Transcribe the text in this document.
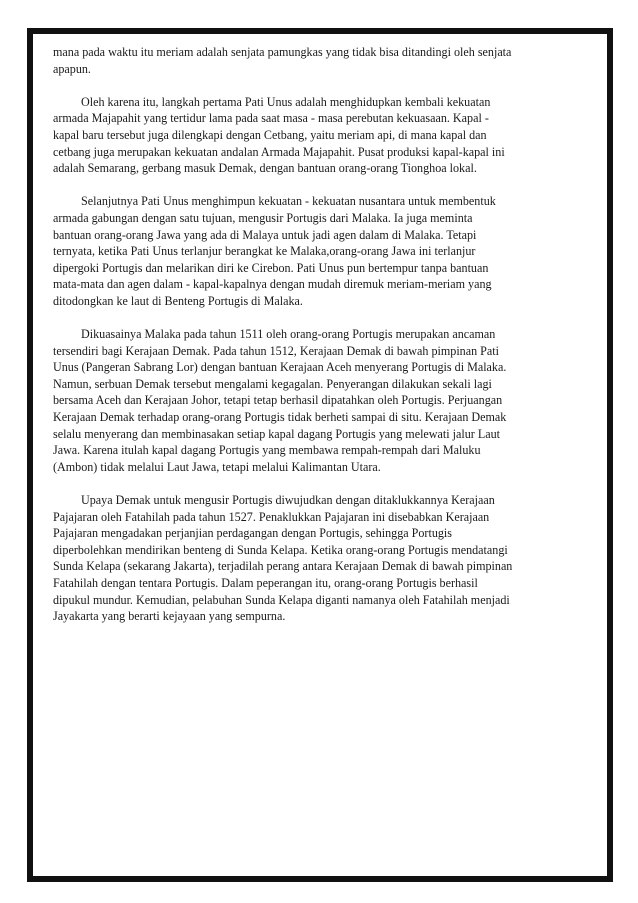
mana pada waktu itu meriam adalah senjata pamungkas yang tidak bisa ditandingi oleh senjata apapun.

Oleh karena itu, langkah pertama Pati Unus adalah menghidupkan kembali kekuatan armada Majapahit yang tertidur lama pada saat masa - masa perebutan kekuasaan. Kapal - kapal baru tersebut juga dilengkapi dengan Cetbang, yaitu meriam api, di mana kapal dan cetbang juga merupakan kekuatan andalan Armada Majapahit. Pusat produksi kapal-kapal ini adalah Semarang, gerbang masuk Demak, dengan bantuan orang-orang Tionghoa lokal.

Selanjutnya Pati Unus menghimpun kekuatan - kekuatan nusantara untuk membentuk armada gabungan dengan satu tujuan, mengusir Portugis dari Malaka. Ia juga meminta bantuan orang-orang Jawa yang ada di Malaya untuk jadi agen dalam di Malaka. Tetapi ternyata, ketika Pati Unus terlanjur berangkat ke Malaka,orang-orang Jawa ini terlanjur dipergoki Portugis dan melarikan diri ke Cirebon. Pati Unus pun bertempur tanpa bantuan mata-mata dan agen dalam - kapal-kapalnya dengan mudah diremuk meriam-meriam yang ditodongkan ke laut di Benteng Portugis di Malaka.

Dikuasainya Malaka pada tahun 1511 oleh orang-orang Portugis merupakan ancaman tersendiri bagi Kerajaan Demak. Pada tahun 1512, Kerajaan Demak di bawah pimpinan Pati Unus (Pangeran Sabrang Lor) dengan bantuan Kerajaan Aceh menyerang Portugis di Malaka. Namun, serbuan Demak tersebut mengalami kegagalan. Penyerangan dilakukan sekali lagi bersama Aceh dan Kerajaan Johor, tetapi tetap berhasil dipatahkan oleh Portugis. Perjuangan Kerajaan Demak terhadap orang-orang Portugis tidak berheti sampai di situ. Kerajaan Demak selalu menyerang dan membinasakan setiap kapal dagang Portugis yang melewati jalur Laut Jawa. Karena itulah kapal dagang Portugis yang membawa rempah-rempah dari Maluku (Ambon) tidak melalui Laut Jawa, tetapi melalui Kalimantan Utara.

Upaya Demak untuk mengusir Portugis diwujudkan dengan ditaklukkannya Kerajaan Pajajaran oleh Fatahilah pada tahun 1527. Penaklukkan Pajajaran ini disebabkan Kerajaan Pajajaran mengadakan perjanjian perdagangan dengan Portugis, sehingga Portugis diperbolehkan mendirikan benteng di Sunda Kelapa. Ketika orang-orang Portugis mendatangi Sunda Kelapa (sekarang Jakarta), terjadilah perang antara Kerajaan Demak di bawah pimpinan Fatahilah dengan tentara Portugis. Dalam peperangan itu, orang-orang Portugis berhasil dipukul mundur. Kemudian, pelabuhan Sunda Kelapa diganti namanya oleh Fatahilah menjadi Jayakarta yang berarti kejayaan yang sempurna.
